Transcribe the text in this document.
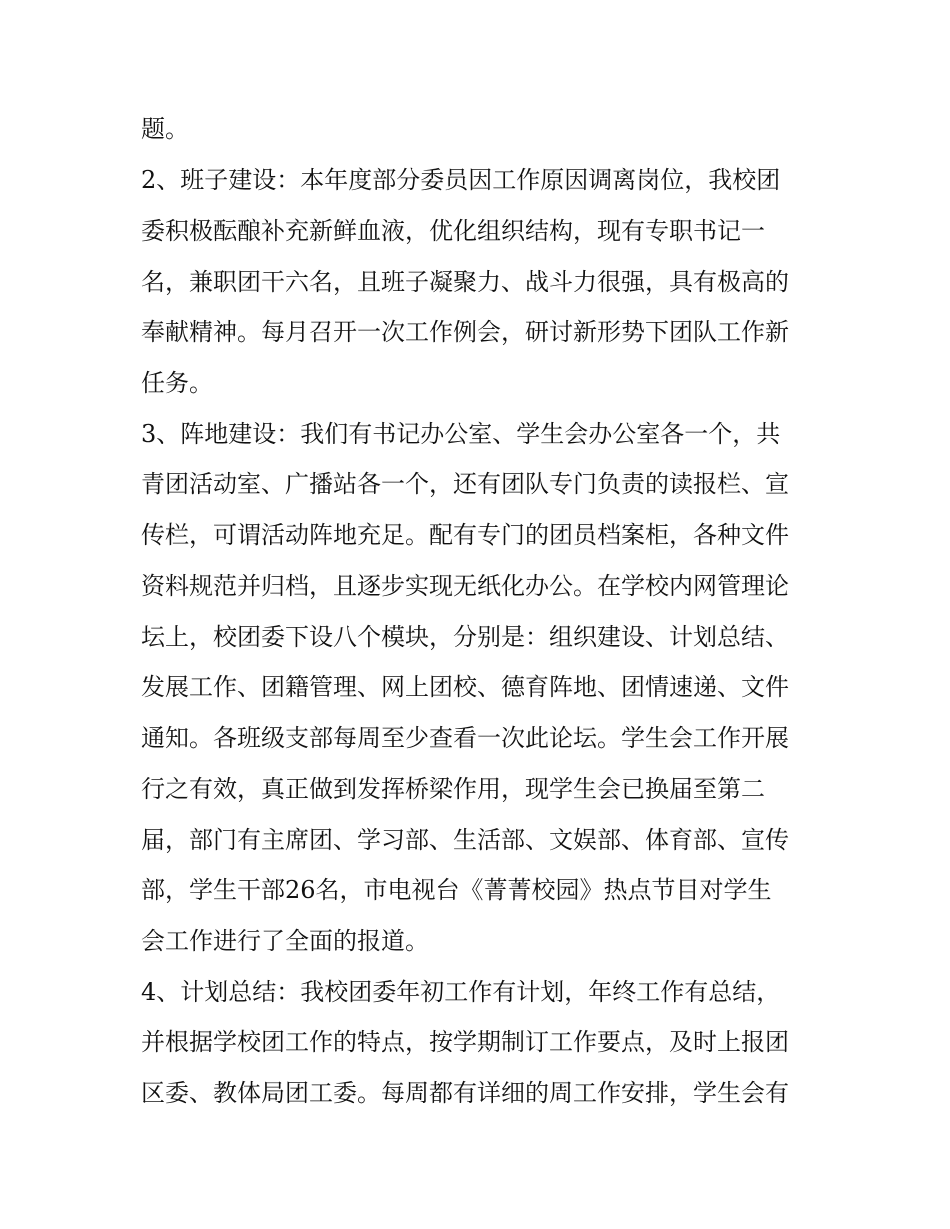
题。
2、班子建设：本年度部分委员因工作原因调离岗位，我校团
委积极酝酿补充新鲜血液，优化组织结构，现有专职书记一
名，兼职团干六名，且班子凝聚力、战斗力很强，具有极高的
奉献精神。每月召开一次工作例会，研讨新形势下团队工作新
任务。
3、阵地建设：我们有书记办公室、学生会办公室各一个，共
青团活动室、广播站各一个，还有团队专门负责的读报栏、宣
传栏，可谓活动阵地充足。配有专门的团员档案柜，各种文件
资料规范并归档，且逐步实现无纸化办公。在学校内网管理论
坛上，校团委下设八个模块，分别是：组织建设、计划总结、
发展工作、团籍管理、网上团校、德育阵地、团情速递、文件
通知。各班级支部每周至少查看一次此论坛。学生会工作开展
行之有效，真正做到发挥桥梁作用，现学生会已换届至第二
届，部门有主席团、学习部、生活部、文娱部、体育部、宣传
部，学生干部26名，市电视台《菁菁校园》热点节目对学生
会工作进行了全面的报道。
4、计划总结：我校团委年初工作有计划，年终工作有总结，
并根据学校团工作的特点，按学期制订工作要点，及时上报团
区委、教体局团工委。每周都有详细的周工作安排，学生会有
